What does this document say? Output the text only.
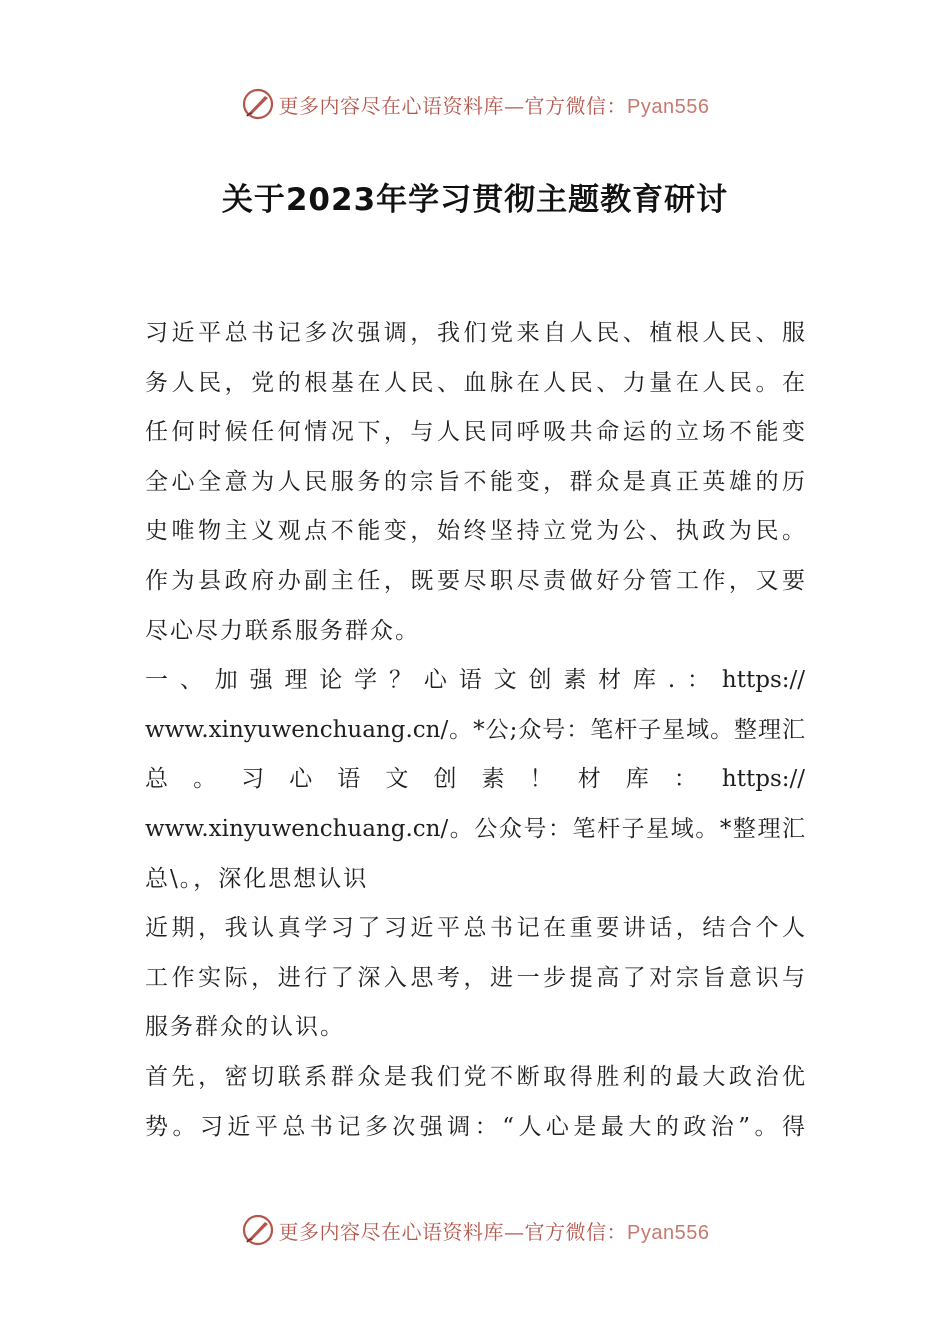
更多内容尽在心语资料库—官方微信：Pyan556
关于2023年学习贯彻主题教育研讨
习近平总书记多次强调，我们党来自人民、植根人民、服
务人民，党的根基在人民、血脉在人民、力量在人民。在
任何时候任何情况下，与人民同呼吸共命运的立场不能变
全心全意为人民服务的宗旨不能变，群众是真正英雄的历
史唯物主义观点不能变，始终坚持立党为公、执政为民。
作为县政府办副主任，既要尽职尽责做好分管工作，又要
尽心尽力联系服务群众。
一、加强理论学？心语文创素材库.：https://
www.xinyuwenchuang.cn/。*公;众号：笔杆子星域。整理汇
总。习心语文创素！材库：https://
www.xinyuwenchuang.cn/。公众号：笔杆子星域。*整理汇
总\。，深化思想认识
近期，我认真学习了习近平总书记在重要讲话，结合个人
工作实际，进行了深入思考，进一步提高了对宗旨意识与
服务群众的认识。
首先，密切联系群众是我们党不断取得胜利的最大政治优
势。习近平总书记多次强调：“人心是最大的政治”。得
更多内容尽在心语资料库—官方微信：Pyan556
